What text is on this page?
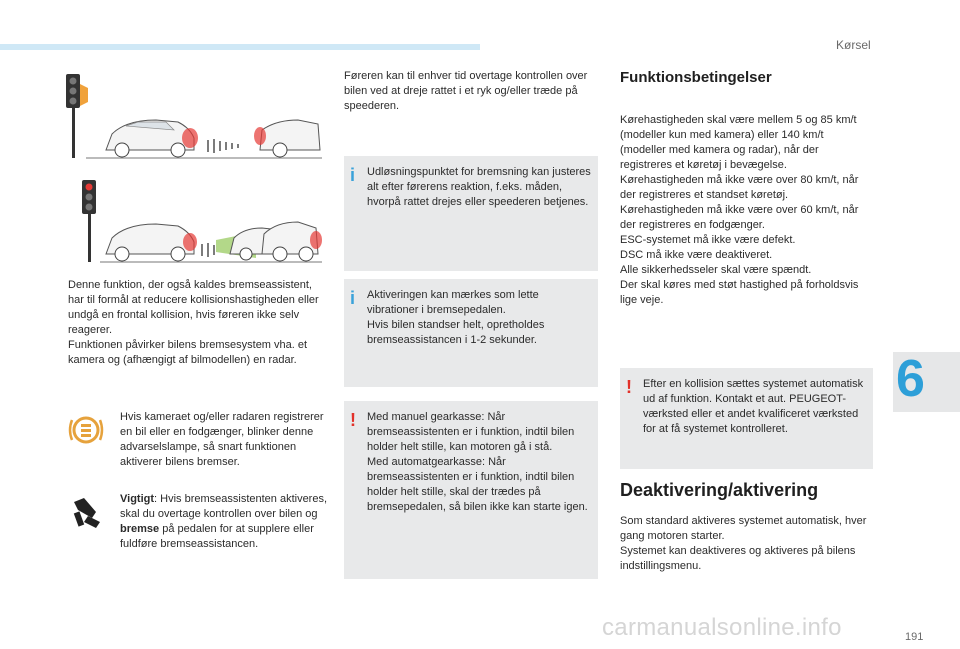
Kørsel
6
Denne funktion, der også kaldes bremseassistent, har til formål at reducere kollisionshastigheden eller undgå en frontal kollision, hvis føreren ikke selv reagerer.
Funktionen påvirker bilens bremsesystem vha. et kamera og (afhængigt af bilmodellen) en radar.
Hvis kameraet og/eller radaren registrerer en bil eller en fodgænger, blinker denne advarselslampe, så snart funktionen aktiverer bilens bremser.
Vigtigt: Hvis bremseassistenten aktiveres, skal du overtage kontrollen over bilen og bremse på pedalen for at supplere eller fuldføre bremseassistancen.
Føreren kan til enhver tid overtage kontrollen over bilen ved at dreje rattet i et ryk og/eller træde på speederen.
i Udløsningspunktet for bremsning kan justeres alt efter førerens reaktion, f.eks. måden, hvorpå rattet drejes eller speederen betjenes.
i Aktiveringen kan mærkes som lette vibrationer i bremsepedalen.
Hvis bilen standser helt, opretholdes bremseassistancen i 1-2 sekunder.
! Med manuel gearkasse: Når bremseassistenten er i funktion, indtil bilen holder helt stille, kan motoren gå i stå.
Med automatgearkasse: Når bremseassistenten er i funktion, indtil bilen holder helt stille, skal der trædes på bremsepedalen, så bilen ikke kan starte igen.
Funktionsbetingelser
Kørehastigheden skal være mellem 5 og 85 km/t (modeller kun med kamera) eller 140 km/t (modeller med kamera og radar), når der registreres et køretøj i bevægelse.
Kørehastigheden må ikke være over 80 km/t, når der registreres et standset køretøj.
Kørehastigheden må ikke være over 60 km/t, når der registreres en fodgænger.
ESC-systemet må ikke være defekt.
DSC må ikke være deaktiveret.
Alle sikkerhedsseler skal være spændt.
Der skal køres med støt hastighed på forholdsvis lige veje.
! Efter en kollision sættes systemet automatisk ud af funktion. Kontakt et aut. PEUGEOT-værksted eller et andet kvalificeret værksted for at få systemet kontrolleret.
Deaktivering/aktivering
Som standard aktiveres systemet automatisk, hver gang motoren starter.
Systemet kan deaktiveres og aktiveres på bilens indstillingsmenu.
191
carmanualsonline.info
